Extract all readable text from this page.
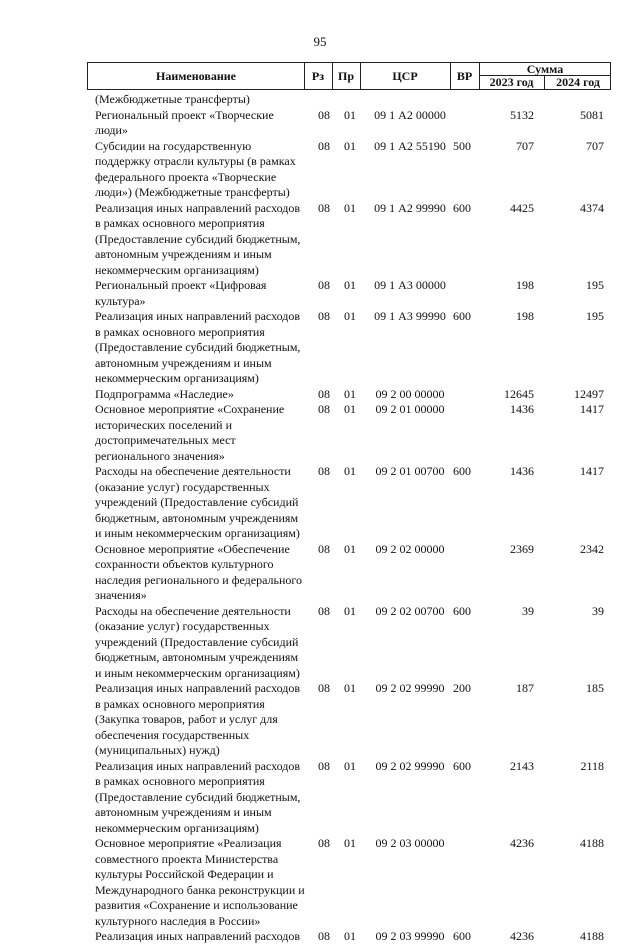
95
Наименование	Рз	Пр	ЦСР	ВР	Сумма
2023 год	2024 год
(Межбюджетные трансферты)
Региональный проект «Творческие люди»
08	01	09 1 А2 00000	5132	5081
Субсидии на государственную поддержку отрасли культуры (в рамках федерального проекта «Творческие люди») (Межбюджетные трансферты)
08	01	09 1 А2 55190 500	707	707
Реализация иных направлений расходов в рамках основного мероприятия (Предоставление субсидий бюджетным, автономным учреждениям и иным некоммерческим организациям)
08	01	09 1 А2 99990 600	4425	4374
Региональный проект «Цифровая культура»
08	01	09 1 А3 00000	198	195
Реализация иных направлений расходов в рамках основного мероприятия (Предоставление субсидий бюджетным, автономным учреждениям и иным некоммерческим организациям)
08	01	09 1 А3 99990 600	198	195
Подпрограмма «Наследие»	08	01	09 2 00 00000	12645	12497
Основное мероприятие «Сохранение исторических поселений и достопримечательных мест регионального значения»
08	01	09 2 01 00000	1436	1417
Расходы на обеспечение деятельности (оказание услуг) государственных учреждений (Предоставление субсидий бюджетным, автономным учреждениям и иным некоммерческим организациям)
08	01	09 2 01 00700 600	1436	1417
Основное мероприятие «Обеспечение сохранности объектов культурного наследия регионального и федерального значения»
08	01	09 2 02 00000	2369	2342
Расходы на обеспечение деятельности (оказание услуг) государственных учреждений (Предоставление субсидий бюджетным, автономным учреждениям и иным некоммерческим организациям)
08	01	09 2 02 00700 600	39	39
Реализация иных направлений расходов в рамках основного мероприятия (Закупка товаров, работ и услуг для обеспечения государственных (муниципальных) нужд)
08	01	09 2 02 99990 200	187	185
Реализация иных направлений расходов в рамках основного мероприятия (Предоставление субсидий бюджетным, автономным учреждениям и иным некоммерческим организациям)
08	01	09 2 02 99990 600	2143	2118
Основное мероприятие «Реализация совместного проекта Министерства культуры Российской Федерации и Международного банка реконструкции и развития «Сохранение и использование культурного наследия в России»
08	01	09 2 03 00000	4236	4188
Реализация иных направлений расходов	08	01	09 2 03 99990 600	4236	4188
